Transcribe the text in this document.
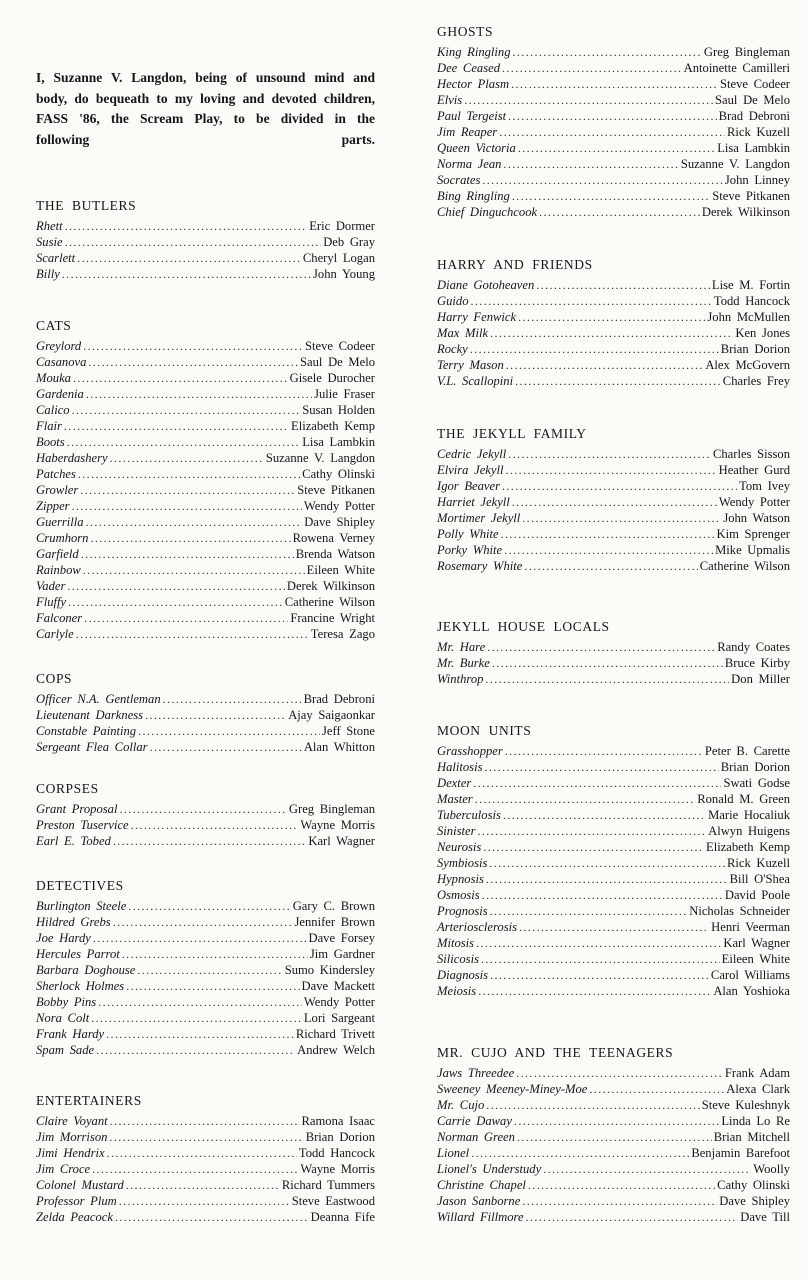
I, Suzanne V. Langdon, being of unsound mind and body, do bequeath to my loving and devoted children, FASS '86, the Scream Play, to be divided in the following parts.

THE BUTLERS
Rhett .....	Eric Dormer
Susie .....	Deb Gray
Scarlett .....	Cheryl Logan
Billy .....	John Young
CATS
Greylord .....	Steve Codeer
Casanova .....	Saul De Melo
Mouka .....	Gisele Durocher
Gardenia .....	Julie Fraser
Calico .....	Susan Holden
Flair .....	Elizabeth Kemp
Boots .....	Lisa Lambkin
Haberdashery .....	Suzanne V. Langdon
Patches .....	Cathy Olinski
Growler .....	Steve Pitkanen
Zipper .....	Wendy Potter
Guerrilla .....	Dave Shipley
Crumhorn .....	Rowena Verney
Garfield .....	Brenda Watson
Rainbow .....	Eileen White
Vader .....	Derek Wilkinson
Fluffy .....	Catherine Wilson
Falconer .....	Francine Wright
Carlyle .....	Teresa Zago
COPS
Officer N.A. Gentleman .....	Brad Debroni
Lieutenant Darkness .....	Ajay Saigaonkar
Constable Painting .....	Jeff Stone
Sergeant Flea Collar .....	Alan Whitton
CORPSES
Grant Proposal .....	Greg Bingleman
Preston Tuservice .....	Wayne Morris
Earl E. Tobed .....	Karl Wagner
DETECTIVES
Burlington Steele .....	Gary C. Brown
Hildred Grebs .....	Jennifer Brown
Joe Hardy .....	Dave Forsey
Hercules Parrot .....	Jim Gardner
Barbara Doghouse .....	Sumo Kindersley
Sherlock Holmes .....	Dave Mackett
Bobby Pins .....	Wendy Potter
Nora Colt .....	Lori Sargeant
Frank Hardy .....	Richard Trivett
Spam Sade .....	Andrew Welch
ENTERTAINERS
Claire Voyant .....	Ramona Isaac
Jim Morrison .....	Brian Dorion
Jimi Hendrix .....	Todd Hancock
Jim Croce .....	Wayne Morris
Colonel Mustard .....	Richard Tummers
Professor Plum .....	Steve Eastwood
Zelda Peacock .....	Deanna Fife
GHOSTS
King Ringling .....	Greg Bingleman
Dee Ceased .....	Antoinette Camilleri
Hector Plasm .....	Steve Codeer
Elvis .....	Saul De Melo
Paul Tergeist .....	Brad Debroni
Jim Reaper .....	Rick Kuzell
Queen Victoria .....	Lisa Lambkin
Norma Jean .....	Suzanne V. Langdon
Socrates .....	John Linney
Bing Ringling .....	Steve Pitkanen
Chief Dinguchcook .....	Derek Wilkinson
HARRY AND FRIENDS
Diane Gotoheaven .....	Lise M. Fortin
Guido .....	Todd Hancock
Harry Fenwick .....	John McMullen
Max Milk .....	Ken Jones
Rocky .....	Brian Dorion
Terry Mason .....	Alex McGovern
V.L. Scallopini .....	Charles Frey
THE JEKYLL FAMILY
Cedric Jekyll .....	Charles Sisson
Elvira Jekyll .....	Heather Gurd
Igor Beaver .....	Tom Ivey
Harriet Jekyll .....	Wendy Potter
Mortimer Jekyll .....	John Watson
Polly White .....	Kim Sprenger
Porky White .....	Mike Upmalis
Rosemary White .....	Catherine Wilson
JEKYLL HOUSE LOCALS
Mr. Hare .....	Randy Coates
Mr. Burke .....	Bruce Kirby
Winthrop .....	Don Miller
MOON UNITS
Grasshopper .....	Peter B. Carette
Halitosis .....	Brian Dorion
Dexter .....	Swati Godse
Master .....	Ronald M. Green
Tuberculosis .....	Marie Hocaliuk
Sinister .....	Alwyn Huigens
Neurosis .....	Elizabeth Kemp
Symbiosis .....	Rick Kuzell
Hypnosis .....	Bill O'Shea
Osmosis .....	David Poole
Prognosis .....	Nicholas Schneider
Arteriosclerosis .....	Henri Veerman
Mitosis .....	Karl Wagner
Silicosis .....	Eileen White
Diagnosis .....	Carol Williams
Meiosis .....	Alan Yoshioka
MR. CUJO AND THE TEENAGERS
Jaws Threedee .....	Frank Adam
Sweeney Meeney-Miney-Moe .....	Alexa Clark
Mr. Cujo .....	Steve Kuleshnyk
Carrie Daway .....	Linda Lo Re
Norman Green .....	Brian Mitchell
Lionel .....	Benjamin Barefoot
Lionel's Understudy .....	Woolly
Christine Chapel .....	Cathy Olinski
Jason Sanborne .....	Dave Shipley
Willard Fillmore .....	Dave Till
